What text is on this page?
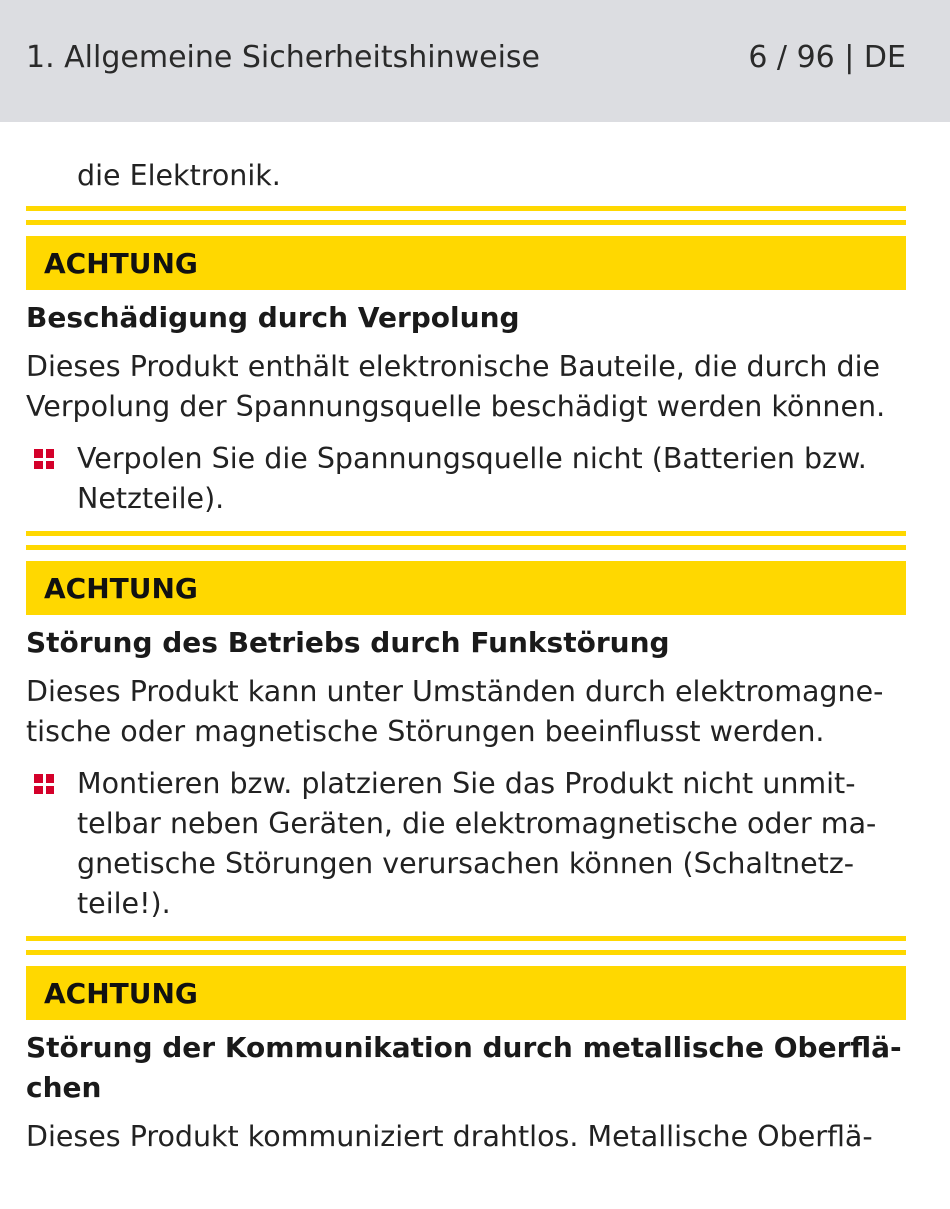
1. Allgemeine Sicherheitshinweise	6 / 96 | DE
die Elektronik.
ACHTUNG
Beschädigung durch Verpolung
Dieses Produkt enthält elektronische Bauteile, die durch die
Verpolung der Spannungsquelle beschädigt werden können.
Verpolen Sie die Spannungsquelle nicht (Batterien bzw.
Netzteile).
ACHTUNG
Störung des Betriebs durch Funkstörung
Dieses Produkt kann unter Umständen durch elektromagne-
tische oder magnetische Störungen beeinflusst werden.
Montieren bzw. platzieren Sie das Produkt nicht unmit-
telbar neben Geräten, die elektromagnetische oder ma-
gnetische Störungen verursachen können (Schaltnetz-
teile!).
ACHTUNG
Störung der Kommunikation durch metallische Oberflä-
chen
Dieses Produkt kommuniziert drahtlos. Metallische Oberflä-
